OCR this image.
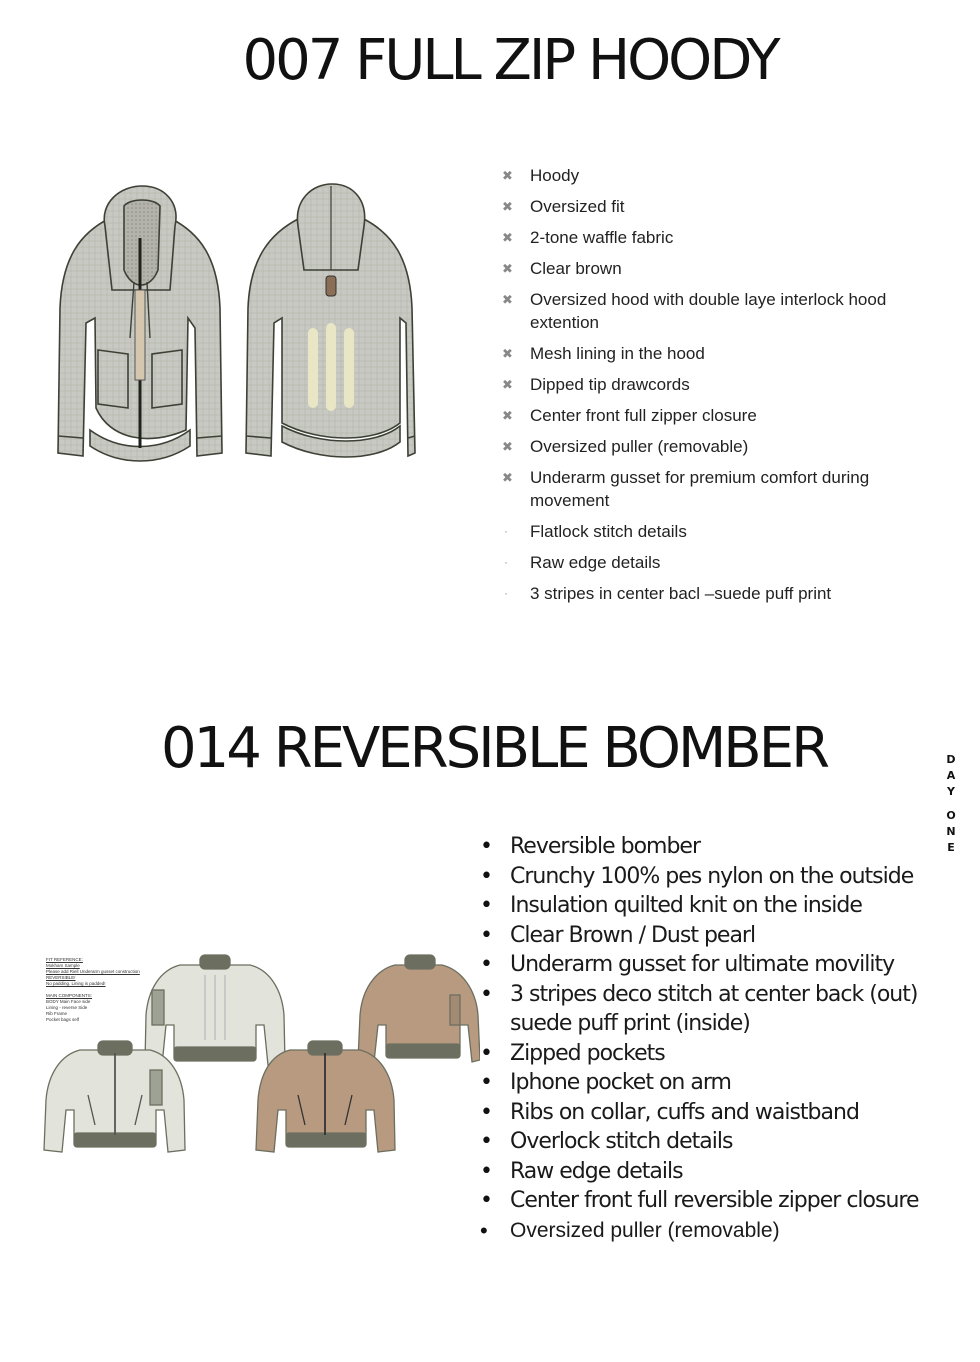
007 FULL ZIP HOODY
014 REVERSIBLE BOMBER
✖ Hoody
✖ Oversized fit
✖ 2-tone waffle fabric
✖ Clear brown
✖ Oversized hood with double laye interlock hood extention
✖ Mesh lining in the hood
✖ Dipped tip drawcords
✖ Center front full zipper closure
✖ Oversized puller (removable)
✖ Underarm gusset for premium comfort during movement
· Flatlock stitch details
· Raw edge details
· 3 stripes in center bacl –suede puff print
FIT REFERENCE:
Mokham Sample
Please add Riell Underarm gusset construction
REVERSIBLE!
No padding. Lining is padded!

MAIN COMPONENTS:
BODY Main Face side
Lining - reverse Side
Rib Frame
Pocket bags self
• Reversible bomber
• Crunchy 100% pes nylon on the outside
• Insulation quilted knit on the inside
• Clear Brown / Dust pearl
• Underarm gusset for ultimate movility
• 3 stripes deco stitch at center back (out) suede puff print (inside)
• Zipped pockets
• Iphone pocket on arm
• Ribs on collar, cuffs and waistband
• Overlock stitch details
• Raw edge details
• Center front full reversible zipper closure
• Oversized puller (removable)
D
A
Y
O
N
E
